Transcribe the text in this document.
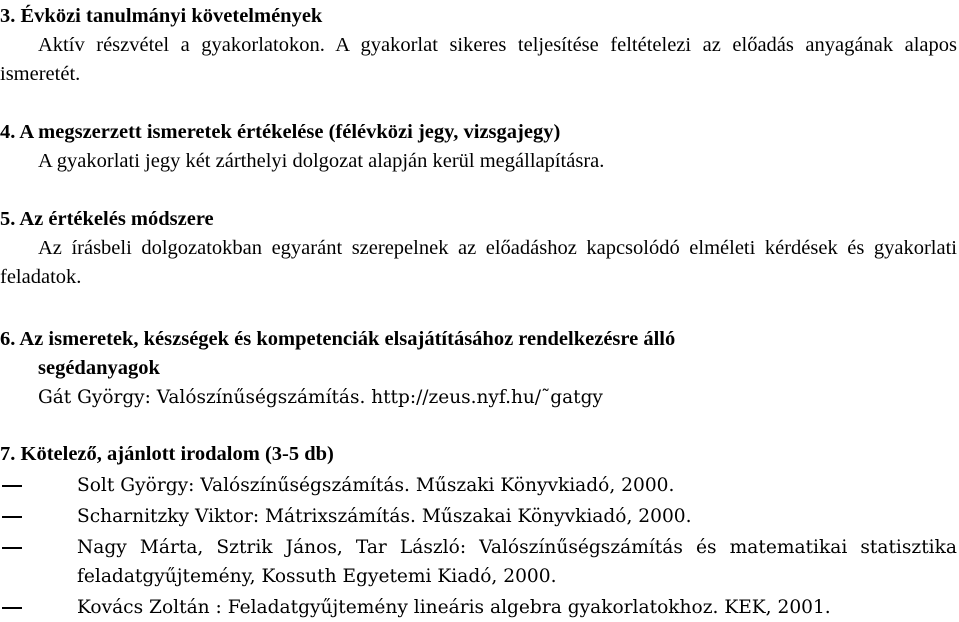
3. Évközi tanulmányi követelmények

Aktív részvétel a gyakorlatokon. A gyakorlat sikeres teljesítése feltételezi az előadás anyagának alapos ismeretét.

4. A megszerzett ismeretek értékelése (félévközi jegy, vizsgajegy)

A gyakorlati jegy két zárthelyi dolgozat alapján kerül megállapításra.

5. Az értékelés módszere

Az írásbeli dolgozatokban egyaránt szerepelnek az előadáshoz kapcsolódó elméleti kérdések és gyakorlati feladatok.

6. Az ismeretek, készségek és kompetenciák elsajátításához rendelkezésre álló
segédanyagok

Gát György: Valószínűségszámítás. http://zeus.nyf.hu/˜gatgy

7. Kötelező, ajánlott irodalom (3-5 db)

Solt György: Valószínűségszámítás. Műszaki Könyvkiadó, 2000.
Scharnitzky Viktor: Mátrixszámítás. Műszakai Könyvkiadó, 2000.
Nagy Márta, Sztrik János, Tar László: Valószínűségszámítás és matematikai statisztika feladatgyűjtemény, Kossuth Egyetemi Kiadó, 2000.
Kovács Zoltán : Feladatgyűjtemény lineáris algebra gyakorlatokhoz. KEK, 2001.
